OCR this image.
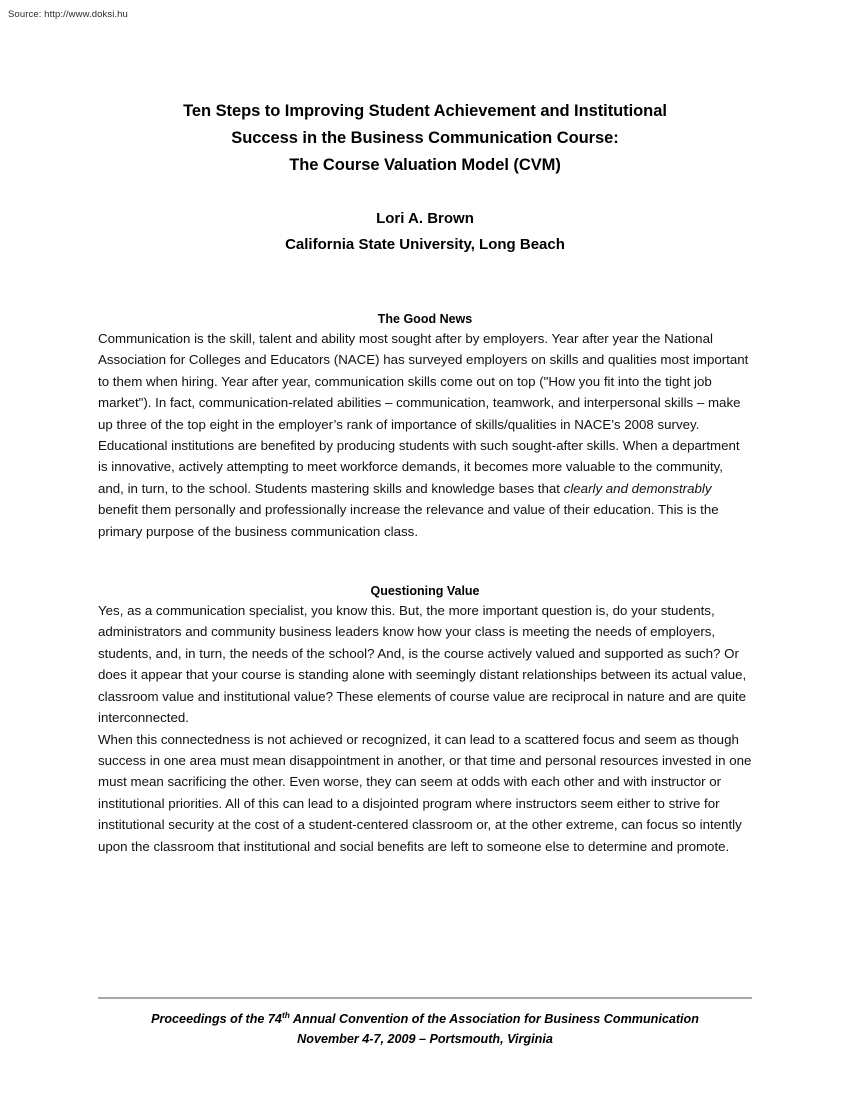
Source: http://www.doksi.hu
Ten Steps to Improving Student Achievement and Institutional
Success in the Business Communication Course:
The Course Valuation Model (CVM)
Lori A. Brown
California State University, Long Beach
The Good News

Communication is the skill, talent and ability most sought after by employers. Year after year the National Association for Colleges and Educators (NACE) has surveyed employers on skills and qualities most important to them when hiring. Year after year, communication skills come out on top ("How you fit into the tight job market"). In fact, communication-related abilities – communication, teamwork, and interpersonal skills – make up three of the top eight in the employer’s rank of importance of skills/qualities in NACE’s 2008 survey.

Educational institutions are benefited by producing students with such sought-after skills. When a department is innovative, actively attempting to meet workforce demands, it becomes more valuable to the community, and, in turn, to the school. Students mastering skills and knowledge bases that clearly and demonstrably benefit them personally and professionally increase the relevance and value of their education. This is the primary purpose of the business communication class.

Questioning Value

Yes, as a communication specialist, you know this. But, the more important question is, do your students, administrators and community business leaders know how your class is meeting the needs of employers, students, and, in turn, the needs of the school? And, is the course actively valued and supported as such? Or does it appear that your course is standing alone with seemingly distant relationships between its actual value, classroom value and institutional value? These elements of course value are reciprocal in nature and are quite interconnected.

When this connectedness is not achieved or recognized, it can lead to a scattered focus and seem as though success in one area must mean disappointment in another, or that time and personal resources invested in one must mean sacrificing the other. Even worse, they can seem at odds with each other and with instructor or institutional priorities. All of this can lead to a disjointed program where instructors seem either to strive for institutional security at the cost of a student-centered classroom or, at the other extreme, can focus so intently upon the classroom that institutional and social benefits are left to someone else to determine and promote.

Proceedings of the 74th Annual Convention of the Association for Business Communication
November 4-7, 2009 – Portsmouth, Virginia
